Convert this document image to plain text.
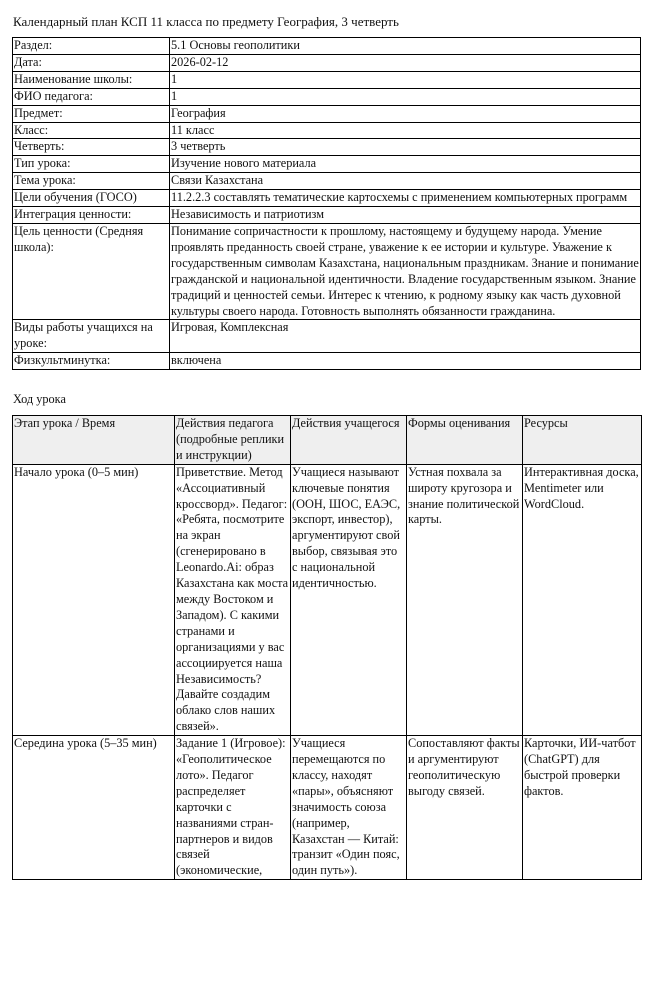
Календарный план КСП 11 класса по предмету География, 3 четверть
Раздел:	5.1 Основы геополитики
Дата:	2026-02-12
Наименование школы:	1
ФИО педагога:	1
Предмет:	География
Класс:	11 класс
Четверть:	3 четверть
Тип урока:	Изучение нового материала
Тема урока:	Связи Казахстана
Цели обучения (ГОСО)	11.2.2.3 составлять тематические картосхемы с применением компьютерных программ
Интеграция ценности:	Независимость и патриотизм
Цель ценности (Средняя школа):	Понимание сопричастности к прошлому, настоящему и будущему народа. Умение проявлять преданность своей стране, уважение к ее истории и культуре. Уважение к государственным символам Казахстана, национальным праздникам. Знание и понимание гражданской и национальной идентичности. Владение государственным языком. Знание традиций и ценностей семьи. Интерес к чтению, к родному языку как часть духовной культуры своего народа. Готовность выполнять обязанности гражданина.
Виды работы учащихся на уроке:	Игровая, Комплексная
Физкультминутка:	включена
Ход урока
Этап урока / Время	Действия педагога (подробные реплики и инструкции)	Действия учащегося	Формы оценивания	Ресурсы
Начало урока (0–5 мин)	Приветствие. Метод «Ассоциативный кроссворд». Педагог: «Ребята, посмотрите на экран (сгенерировано в Leonardo.Ai: образ Казахстана как моста между Востоком и Западом). С какими странами и организациями у вас ассоциируется наша Независимость? Давайте создадим облако слов наших связей».	Учащиеся называют ключевые понятия (ООН, ШОС, ЕАЭС, экспорт, инвестор), аргументируют свой выбор, связывая это с национальной идентичностью.	Устная похвала за широту кругозора и знание политической карты.	Интерактивная доска, Mentimeter или WordCloud.
Середина урока (5–35 мин)	Задание 1 (Игровое): «Геополитическое лото». Педагог распределяет карточки с названиями стран-партнеров и видов связей (экономические,	Учащиеся перемещаются по классу, находят «пары», объясняют значимость союза (например, Казахстан — Китай: транзит «Один пояс, один путь»).	Сопоставляют факты и аргументируют геополитическую выгоду связей.	Карточки, ИИ-чатбот (ChatGPT) для быстрой проверки фактов.
